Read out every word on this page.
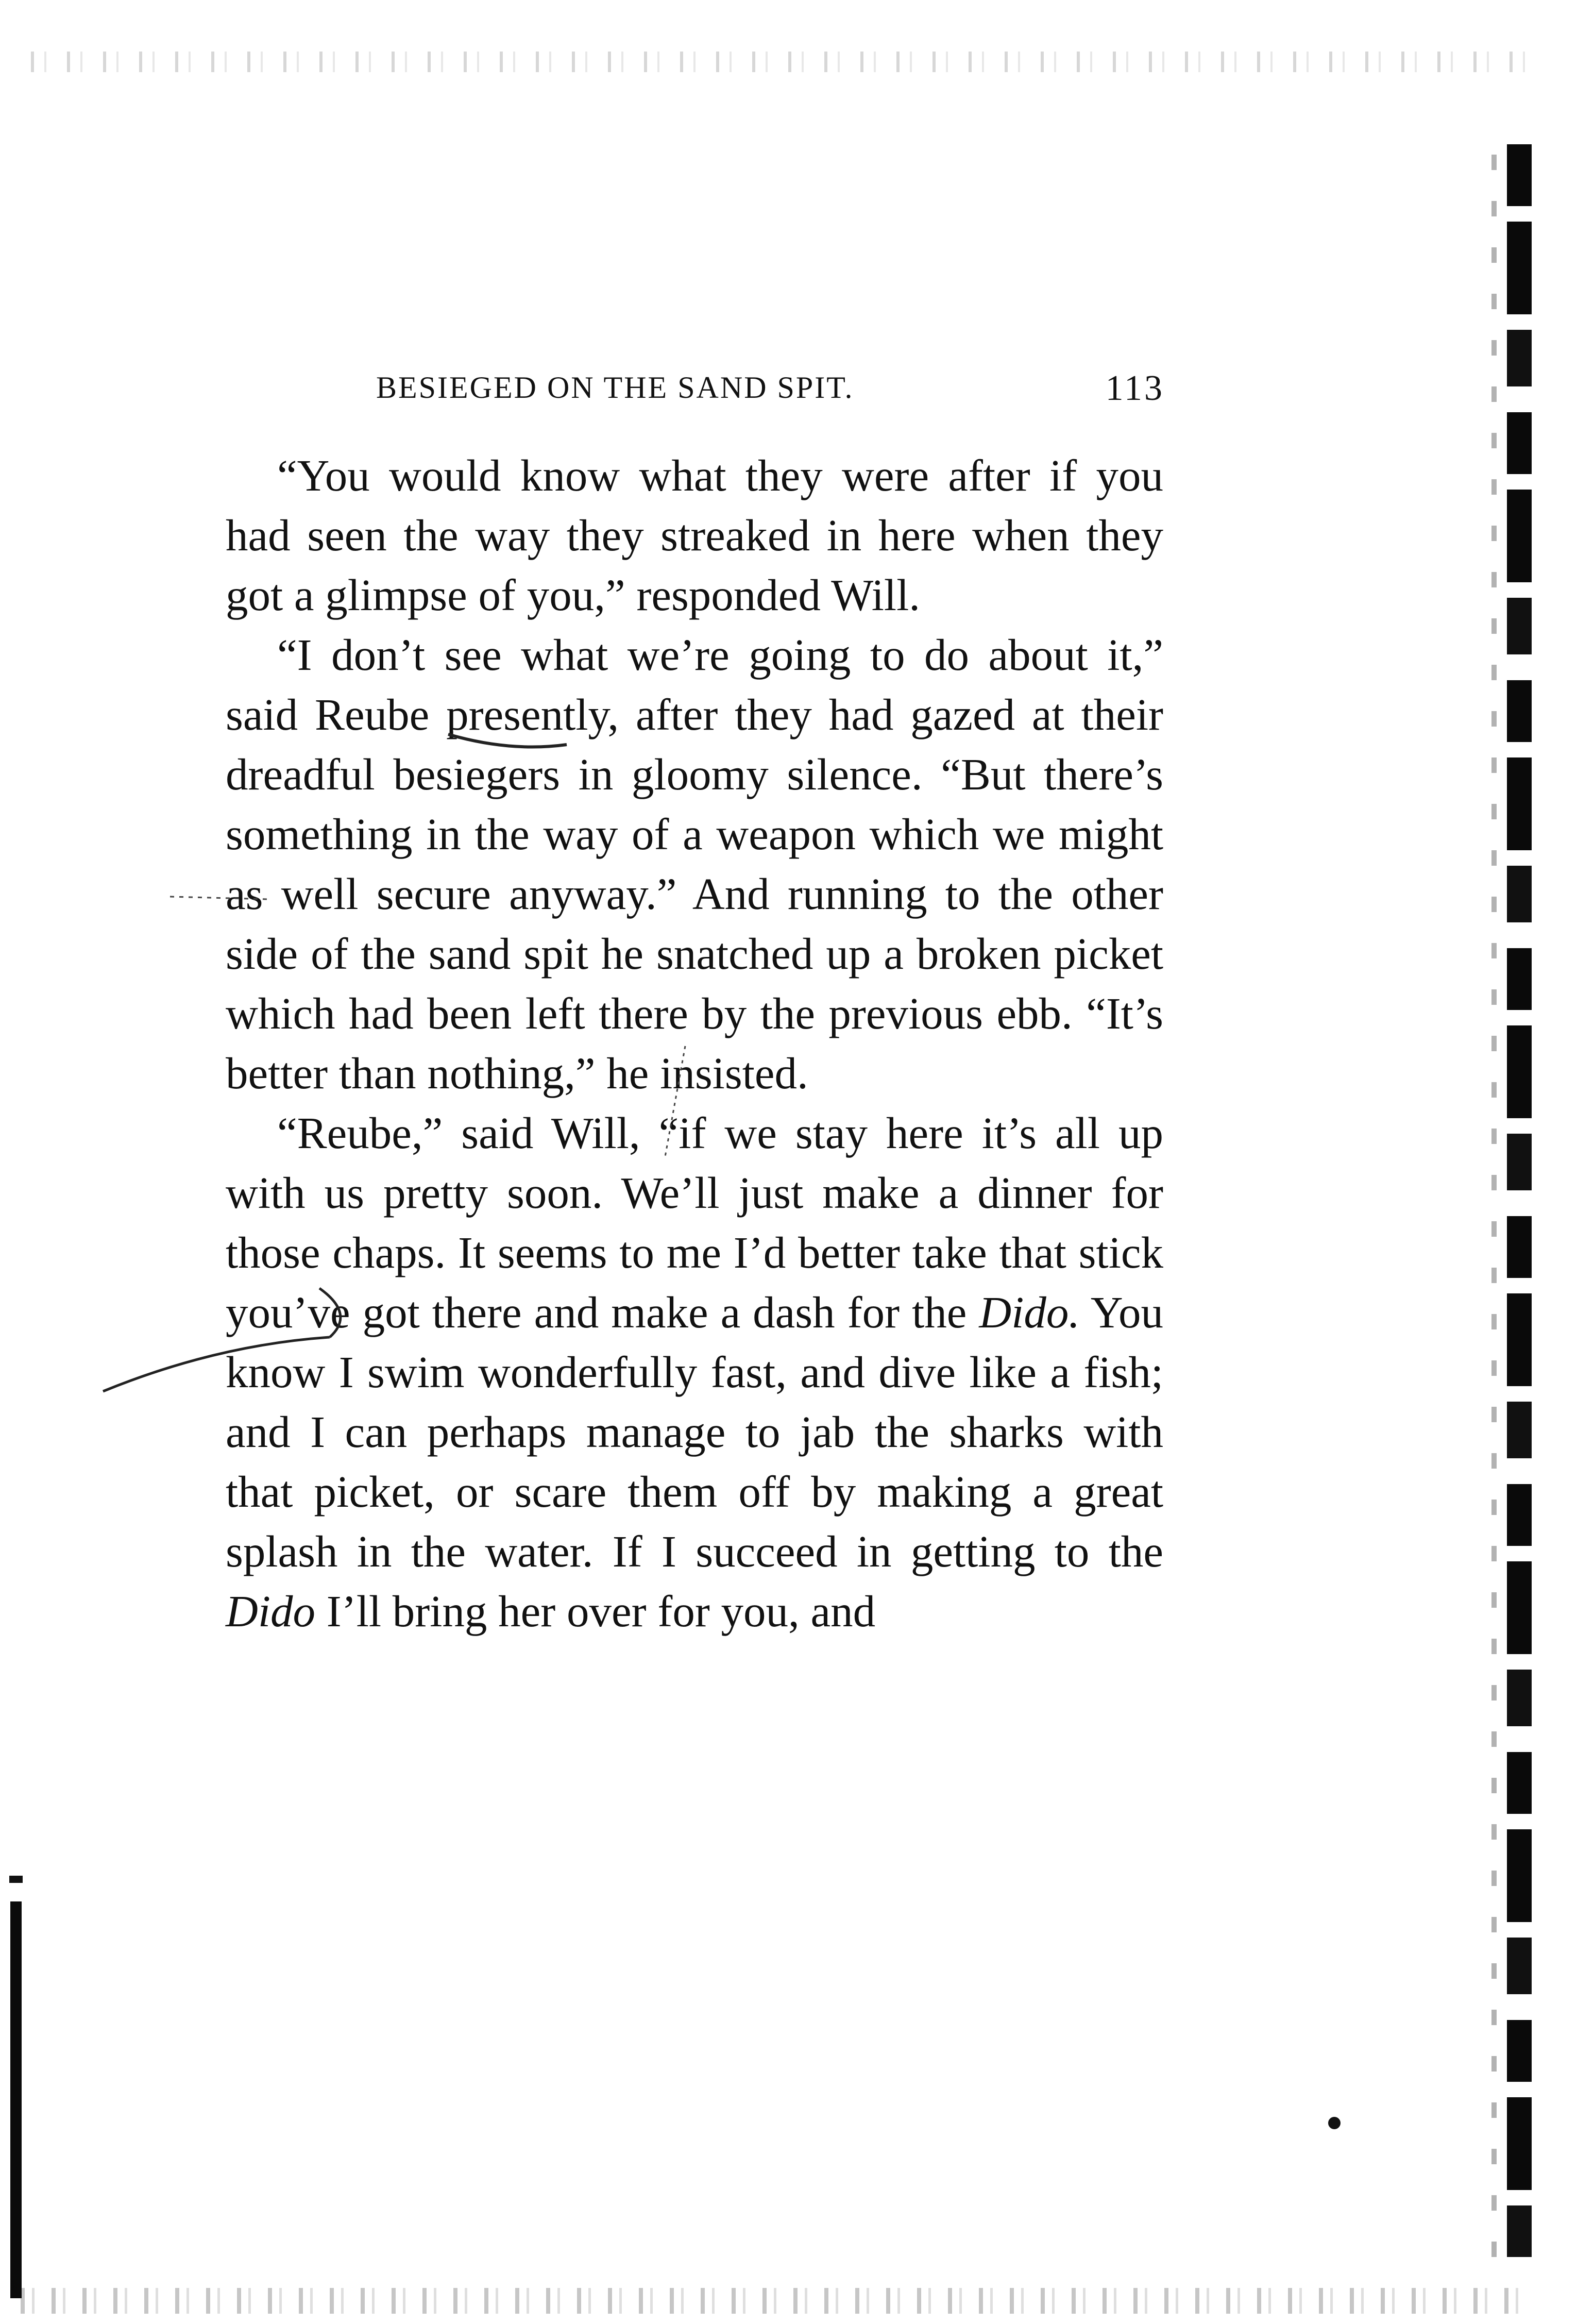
BESIEGED ON THE SAND SPIT.	113

“You would know what they were after if you had seen the way they streaked in here when they got a glimpse of you,” responded Will.

“I don’t see what we’re going to do about it,” said Reube presently, after they had gazed at their dreadful besiegers in gloomy silence. “But there’s something in the way of a weapon which we might as well secure anyway.” And running to the other side of the sand spit he snatched up a broken picket which had been left there by the previous ebb. “It’s better than nothing,” he insisted.

“Reube,” said Will, “if we stay here it’s all up with us pretty soon. We’ll just make a dinner for those chaps. It seems to me I’d better take that stick you’ve got there and make a dash for the Dido. You know I swim wonderfully fast, and dive like a fish; and I can perhaps manage to jab the sharks with that picket, or scare them off by making a great splash in the water. If I succeed in getting to the Dido I’ll bring her over for you, and
